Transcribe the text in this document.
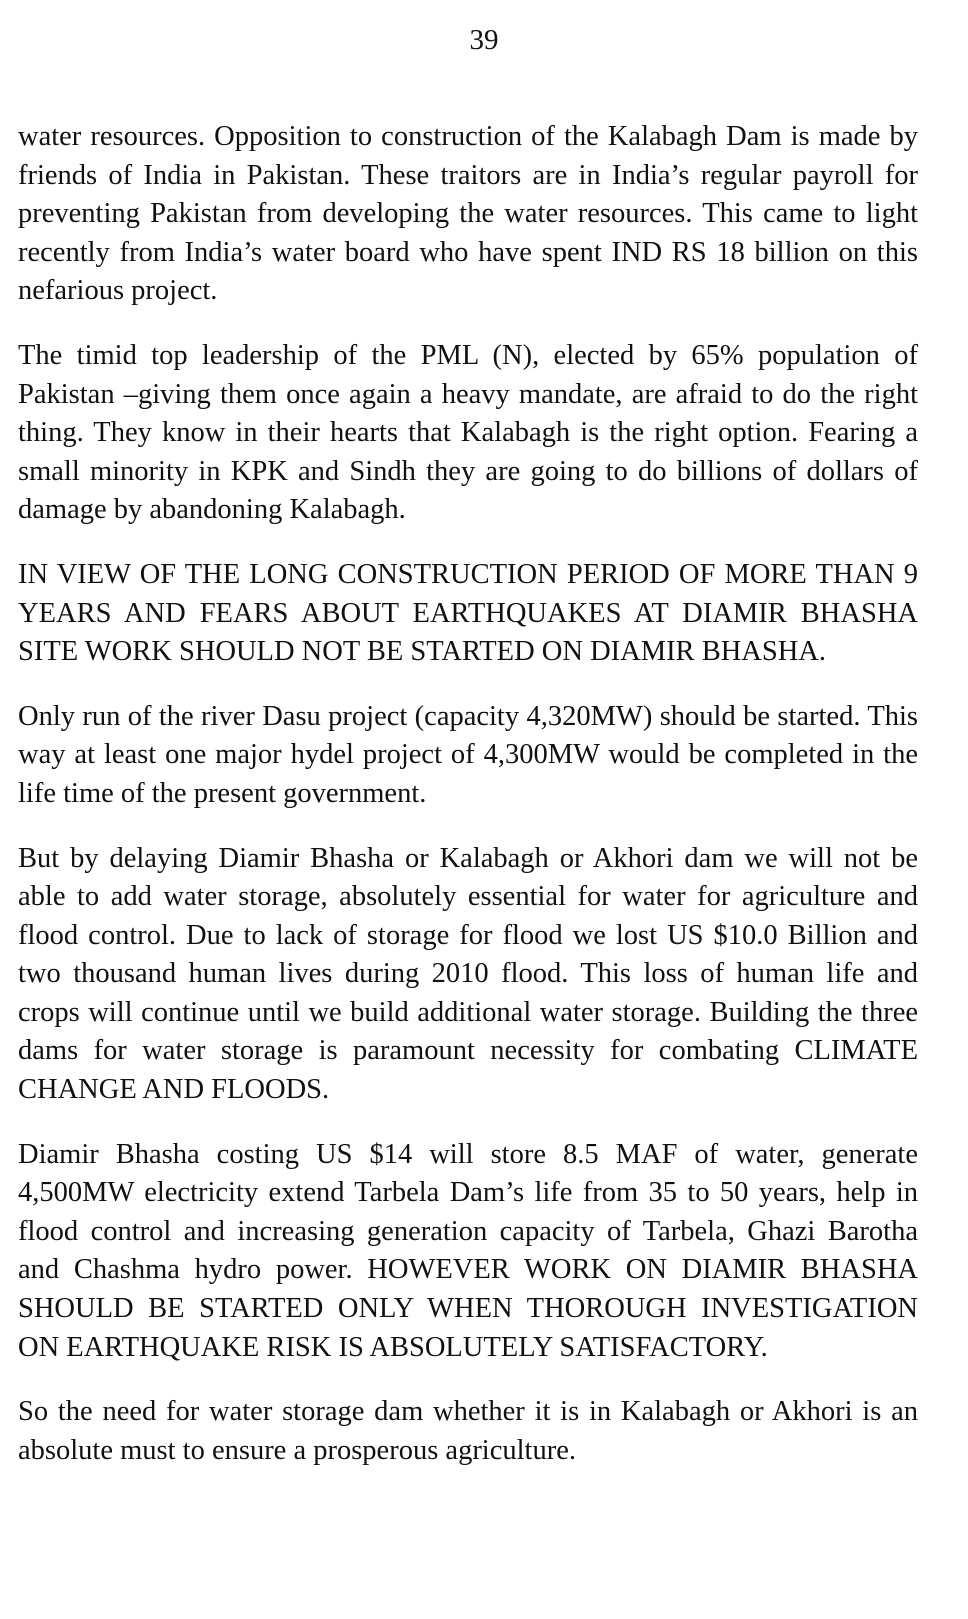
39

water resources. Opposition to construction of the Kalabagh Dam is made by friends of India in Pakistan. These traitors are in India’s regular payroll for preventing Pakistan from developing the water resources. This came to light recently from India’s water board who have spent IND RS 18 billion on this nefarious project.

The timid top leadership of the PML (N), elected by 65% population of Pakistan –giving them once again a heavy mandate, are afraid to do the right thing. They know in their hearts that Kalabagh is the right option. Fearing a small minority in KPK and Sindh they are going to do billions of dollars of damage by abandoning Kalabagh.

IN VIEW OF THE LONG CONSTRUCTION PERIOD OF MORE THAN 9 YEARS AND FEARS ABOUT EARTHQUAKES AT DIAMIR BHASHA SITE WORK SHOULD NOT BE STARTED ON DIAMIR BHASHA.

Only run of the river Dasu project (capacity 4,320MW) should be started. This way at least one major hydel project of 4,300MW would be completed in the life time of the present government.

But by delaying Diamir Bhasha or Kalabagh or Akhori dam we will not be able to add water storage, absolutely essential for water for agriculture and flood control. Due to lack of storage for flood we lost US $10.0 Billion and two thousand human lives during 2010 flood. This loss of human life and crops will continue until we build additional water storage. Building the three dams for water storage is paramount necessity for combating CLIMATE CHANGE AND FLOODS.

Diamir Bhasha costing US $14 will store 8.5 MAF of water, generate 4,500MW electricity extend Tarbela Dam’s life from 35 to 50 years, help in flood control and increasing generation capacity of Tarbela, Ghazi Barotha and Chashma hydro power. HOWEVER WORK ON DIAMIR BHASHA SHOULD BE STARTED ONLY WHEN THOROUGH INVESTIGATION ON EARTHQUAKE RISK IS ABSOLUTELY SATISFACTORY.

So the need for water storage dam whether it is in Kalabagh or Akhori is an absolute must to ensure a prosperous agriculture.
